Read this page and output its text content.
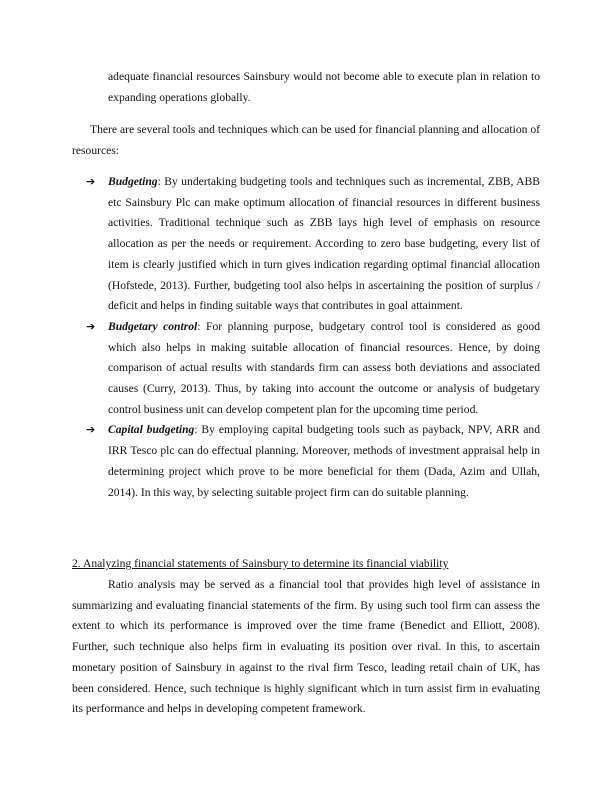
adequate financial resources Sainsbury would not become able to execute plan in relation to expanding operations globally.

There are several tools and techniques which can be used for financial planning and allocation of resources:

➔	Budgeting: By undertaking budgeting tools and techniques such as incremental, ZBB, ABB etc Sainsbury Plc can make optimum allocation of financial resources in different business activities. Traditional technique such as ZBB lays high level of emphasis on resource allocation as per the needs or requirement. According to zero base budgeting, every list of item is clearly justified which in turn gives indication regarding optimal financial allocation (Hofstede, 2013). Further, budgeting tool also helps in ascertaining the position of surplus / deficit and helps in finding suitable ways that contributes in goal attainment.
➔	Budgetary control: For planning purpose, budgetary control tool is considered as good which also helps in making suitable allocation of financial resources. Hence, by doing comparison of actual results with standards firm can assess both deviations and associated causes (Curry, 2013). Thus, by taking into account the outcome or analysis of budgetary control business unit can develop competent plan for the upcoming time period.
➔	Capital budgeting: By employing capital budgeting tools such as payback, NPV, ARR and IRR Tesco plc can do effectual planning. Moreover, methods of investment appraisal help in determining project which prove to be more beneficial for them (Dada, Azim and Ullah, 2014). In this way, by selecting suitable project firm can do suitable planning.
2. Analyzing financial statements of Sainsbury to determine its financial viability

Ratio analysis may be served as a financial tool that provides high level of assistance in summarizing and evaluating financial statements of the firm. By using such tool firm can assess the extent to which its performance is improved over the time frame (Benedict and Elliott, 2008). Further, such technique also helps firm in evaluating its position over rival. In this, to ascertain monetary position of Sainsbury in against to the rival firm Tesco, leading retail chain of UK, has been considered. Hence, such technique is highly significant which in turn assist firm in evaluating its performance and helps in developing competent framework.
